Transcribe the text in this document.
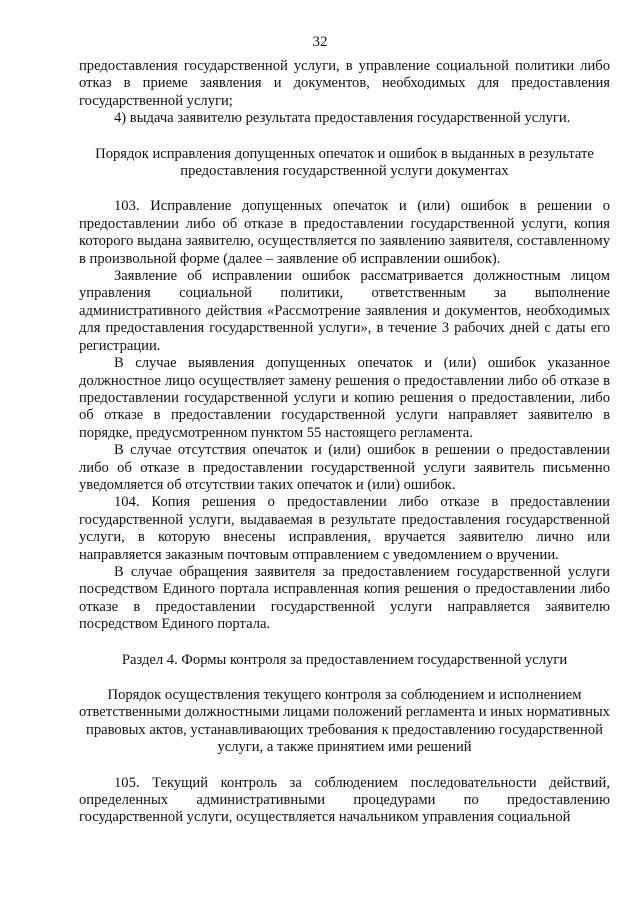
32

предоставления государственной услуги, в управление социальной политики либо отказ в приеме заявления и документов, необходимых для предоставления государственной услуги;

4) выдача заявителю результата предоставления государственной услуги.

Порядок исправления допущенных опечаток и ошибок в выданных в результате предоставления государственной услуги документах

103. Исправление допущенных опечаток и (или) ошибок в решении о предоставлении либо об отказе в предоставлении государственной услуги, копия которого выдана заявителю, осуществляется по заявлению заявителя, составленному в произвольной форме (далее – заявление об исправлении ошибок).

Заявление об исправлении ошибок рассматривается должностным лицом управления социальной политики, ответственным за выполнение административного действия «Рассмотрение заявления и документов, необходимых для предоставления государственной услуги», в течение 3 рабочих дней с даты его регистрации.

В случае выявления допущенных опечаток и (или) ошибок указанное должностное лицо осуществляет замену решения о предоставлении либо об отказе в предоставлении государственной услуги и копию решения о предоставлении, либо об отказе в предоставлении государственной услуги направляет заявителю в порядке, предусмотренном пунктом 55 настоящего регламента.

В случае отсутствия опечаток и (или) ошибок в решении о предоставлении либо об отказе в предоставлении государственной услуги заявитель письменно уведомляется об отсутствии таких опечаток и (или) ошибок.

104. Копия решения о предоставлении либо отказе в предоставлении государственной услуги, выдаваемая в результате предоставления государственной услуги, в которую внесены исправления, вручается заявителю лично или направляется заказным почтовым отправлением с уведомлением о вручении.

В случае обращения заявителя за предоставлением государственной услуги посредством Единого портала исправленная копия решения о предоставлении либо отказе в предоставлении государственной услуги направляется заявителю посредством Единого портала.

Раздел 4. Формы контроля за предоставлением государственной услуги

Порядок осуществления текущего контроля за соблюдением и исполнением ответственными должностными лицами положений регламента и иных нормативных правовых актов, устанавливающих требования к предоставлению государственной услуги, а также принятием ими решений

105. Текущий контроль за соблюдением последовательности действий, определенных административными процедурами по предоставлению государственной услуги, осуществляется начальником управления социальной
